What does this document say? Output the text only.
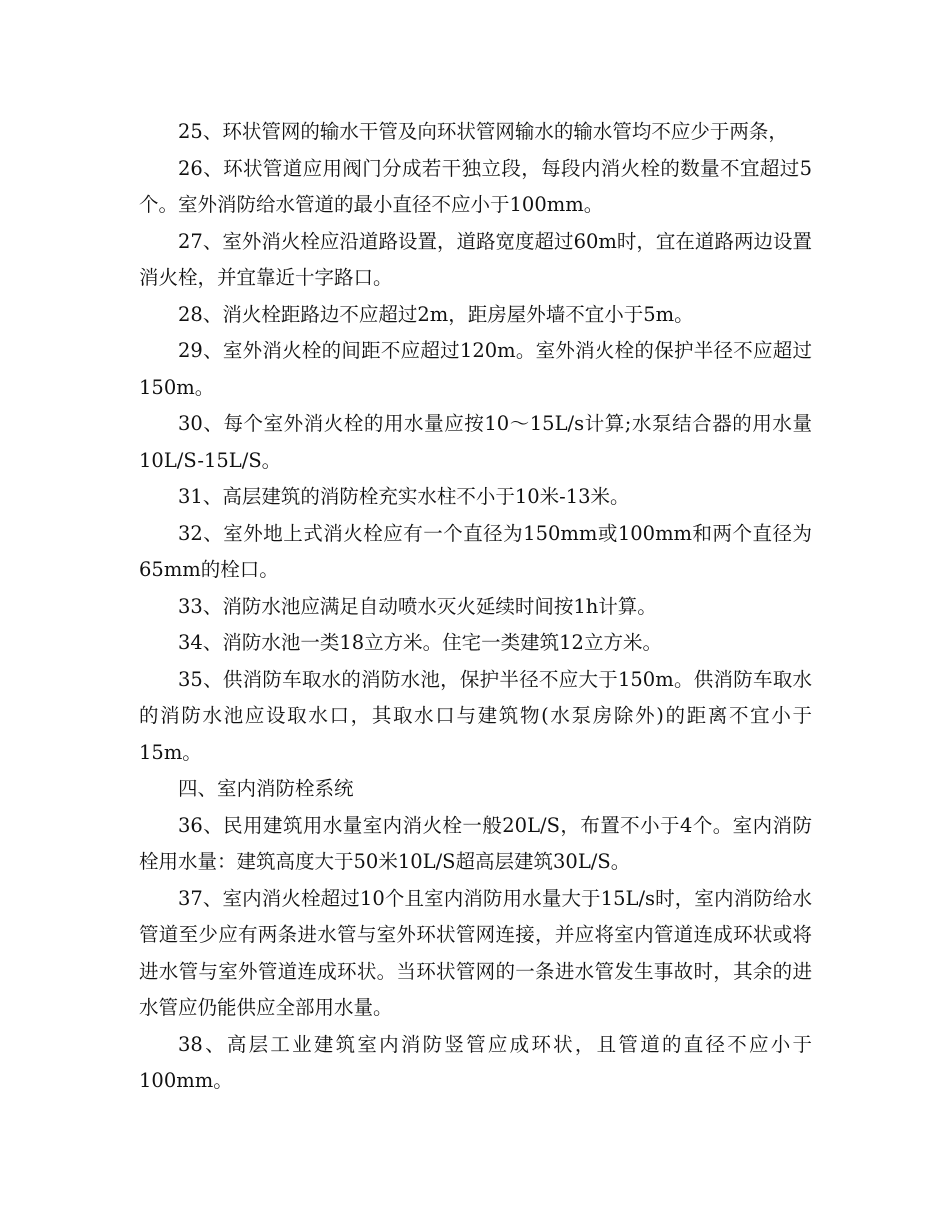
25、环状管网的输水干管及向环状管网输水的输水管均不应少于两条，

26、环状管道应用阀门分成若干独立段，每段内消火栓的数量不宜超过5个。室外消防给水管道的最小直径不应小于100mm。

27、室外消火栓应沿道路设置，道路宽度超过60m时，宜在道路两边设置消火栓，并宜靠近十字路口。

28、消火栓距路边不应超过2m，距房屋外墙不宜小于5m。

29、室外消火栓的间距不应超过120m。室外消火栓的保护半径不应超过150m。

30、每个室外消火栓的用水量应按10～15L/s计算;水泵结合器的用水量10L/S-15L/S。

31、高层建筑的消防栓充实水柱不小于10米-13米。

32、室外地上式消火栓应有一个直径为150mm或100mm和两个直径为65mm的栓口。

33、消防水池应满足自动喷水灭火延续时间按1h计算。

34、消防水池一类18立方米。住宅一类建筑12立方米。

35、供消防车取水的消防水池，保护半径不应大于150m。供消防车取水的消防水池应设取水口，其取水口与建筑物(水泵房除外)的距离不宜小于15m。

四、室内消防栓系统

36、民用建筑用水量室内消火栓一般20L/S，布置不小于4个。室内消防栓用水量：建筑高度大于50米10L/S超高层建筑30L/S。

37、室内消火栓超过10个且室内消防用水量大于15L/s时，室内消防给水管道至少应有两条进水管与室外环状管网连接，并应将室内管道连成环状或将进水管与室外管道连成环状。当环状管网的一条进水管发生事故时，其余的进水管应仍能供应全部用水量。

38、高层工业建筑室内消防竖管应成环状，且管道的直径不应小于100mm。
